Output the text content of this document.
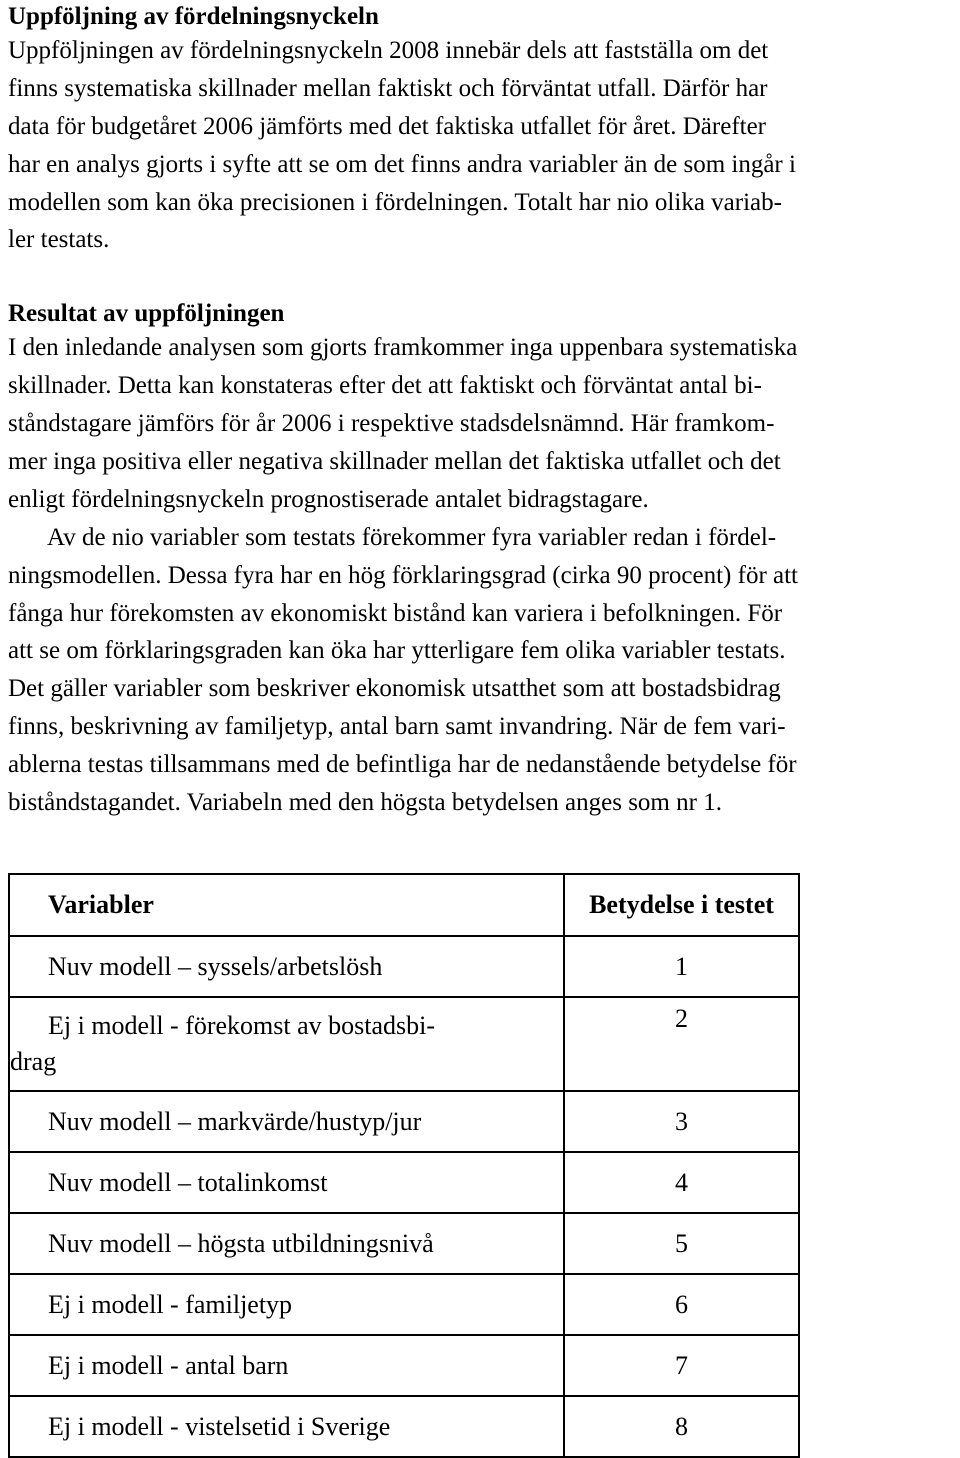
Uppföljning av fördelningsnyckeln
Uppföljningen av fördelningsnyckeln 2008 innebär dels att fastställa om det
finns systematiska skillnader mellan faktiskt och förväntat utfall. Därför har
data för budgetåret 2006 jämförts med det faktiska utfallet för året. Därefter
har en analys gjorts i syfte att se om det finns andra variabler än de som ingår i
modellen som kan öka precisionen i fördelningen. Totalt har nio olika variab-
ler testats.
Resultat av uppföljningen
I den inledande analysen som gjorts framkommer inga uppenbara systematiska
skillnader. Detta kan konstateras efter det att faktiskt och förväntat antal bi-
ståndstagare jämförs för år 2006 i respektive stadsdelsnämnd. Här framkom-
mer inga positiva eller negativa skillnader mellan det faktiska utfallet och det
enligt fördelningsnyckeln prognostiserade antalet bidragstagare.
Av de nio variabler som testats förekommer fyra variabler redan i fördel-
ningsmodellen. Dessa fyra har en hög förklaringsgrad (cirka 90 procent) för att
fånga hur förekomsten av ekonomiskt bistånd kan variera i befolkningen. För
att se om förklaringsgraden kan öka har ytterligare fem olika variabler testats.
Det gäller variabler som beskriver ekonomisk utsatthet som att bostadsbidrag
finns, beskrivning av familjetyp, antal barn samt invandring. När de fem vari-
ablerna testas tillsammans med de befintliga har de nedanstående betydelse för
biståndstagandet. Variabeln med den högsta betydelsen anges som nr 1.
Variabler	Betydelse i testet
Nuv modell – syssels/arbetslösh	1

Ej i modell - förekomst av bostadsbi-
drag	2
Nuv modell – markvärde/hustyp/jur	3
Nuv modell – totalinkomst	4
Nuv modell – högsta utbildningsnivå	5
Ej i modell - familjetyp	6
Ej i modell - antal barn	7
Ej i modell - vistelsetid i Sverige	8
